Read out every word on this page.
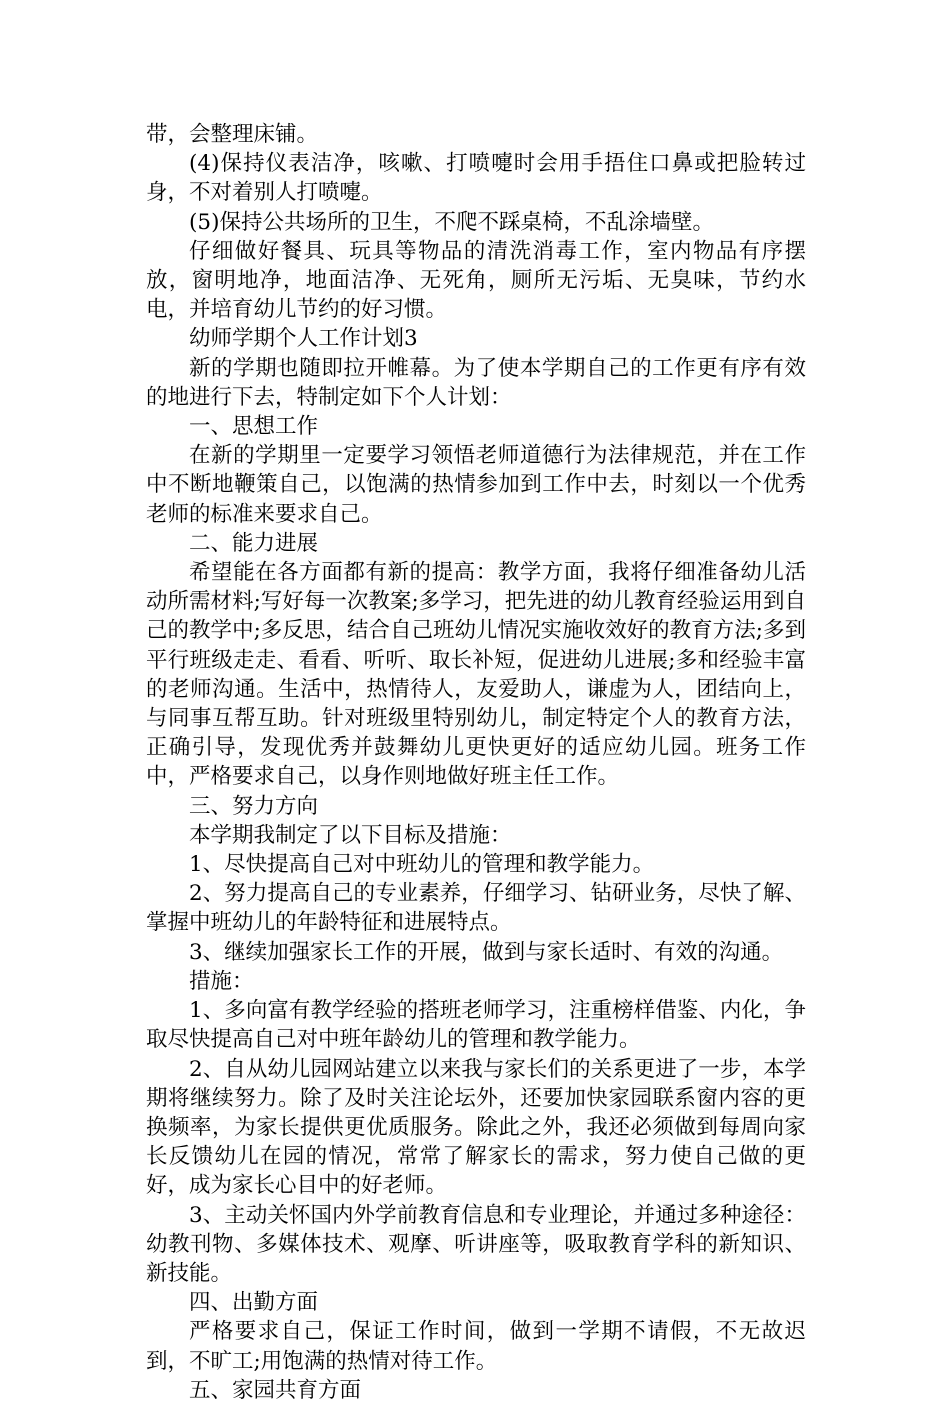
带，会整理床铺。

(4)保持仪表洁净，咳嗽、打喷嚏时会用手捂住口鼻或把脸转过身，不对着别人打喷嚏。

(5)保持公共场所的卫生，不爬不踩桌椅，不乱涂墙壁。

仔细做好餐具、玩具等物品的清洗消毒工作，室内物品有序摆放，窗明地净，地面洁净、无死角，厕所无污垢、无臭味，节约水电，并培育幼儿节约的好习惯。

幼师学期个人工作计划3

新的学期也随即拉开帷幕。为了使本学期自己的工作更有序有效的地进行下去，特制定如下个人计划：

一、思想工作

在新的学期里一定要学习领悟老师道德行为法律规范，并在工作中不断地鞭策自己，以饱满的热情参加到工作中去，时刻以一个优秀老师的标准来要求自己。

二、能力进展

希望能在各方面都有新的提高：教学方面，我将仔细准备幼儿活动所需材料;写好每一次教案;多学习，把先进的幼儿教育经验运用到自己的教学中;多反思，结合自己班幼儿情况实施收效好的教育方法;多到平行班级走走、看看、听听、取长补短，促进幼儿进展;多和经验丰富的老师沟通。生活中，热情待人，友爱助人，谦虚为人，团结向上，与同事互帮互助。针对班级里特别幼儿，制定特定个人的教育方法，正确引导，发现优秀并鼓舞幼儿更快更好的适应幼儿园。班务工作中，严格要求自己，以身作则地做好班主任工作。

三、努力方向

本学期我制定了以下目标及措施：

1、尽快提高自己对中班幼儿的管理和教学能力。

2、努力提高自己的专业素养，仔细学习、钻研业务，尽快了解、掌握中班幼儿的年龄特征和进展特点。

3、继续加强家长工作的开展，做到与家长适时、有效的沟通。

措施：

1、多向富有教学经验的搭班老师学习，注重榜样借鉴、内化，争取尽快提高自己对中班年龄幼儿的管理和教学能力。

2、自从幼儿园网站建立以来我与家长们的关系更进了一步，本学期将继续努力。除了及时关注论坛外，还要加快家园联系窗内容的更换频率，为家长提供更优质服务。除此之外，我还必须做到每周向家长反馈幼儿在园的情况，常常了解家长的需求，努力使自己做的更好，成为家长心目中的好老师。

3、主动关怀国内外学前教育信息和专业理论，并通过多种途径：幼教刊物、多媒体技术、观摩、听讲座等，吸取教育学科的新知识、新技能。

四、出勤方面

严格要求自己，保证工作时间，做到一学期不请假，不无故迟到，不旷工;用饱满的热情对待工作。

五、家园共育方面
